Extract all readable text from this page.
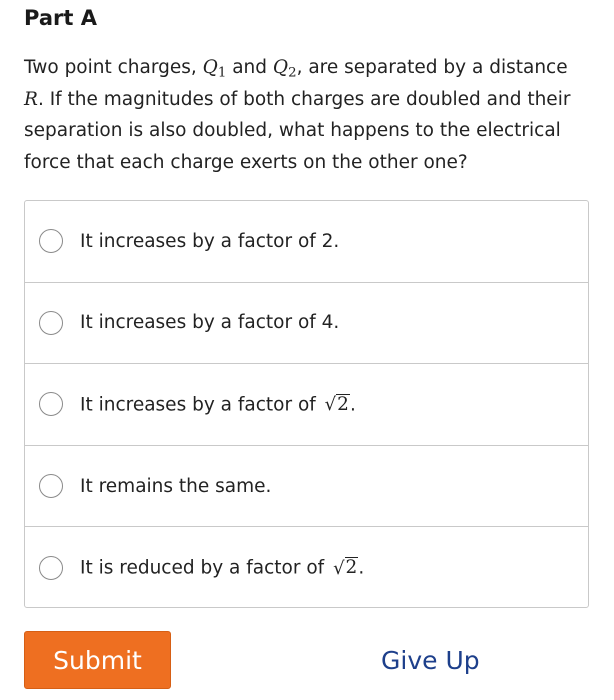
Part A

Two point charges, $Q_1$ and $Q_2$, are separated by a distance R. If the magnitudes of both charges are doubled and their separation is also doubled, what happens to the electrical force that each charge exerts on the other one?

It increases by a factor of 2.
It increases by a factor of 4.
It increases by a factor of √ 2 .
It remains the same.
It is reduced by a factor of √ 2 .
Submit	Give Up
